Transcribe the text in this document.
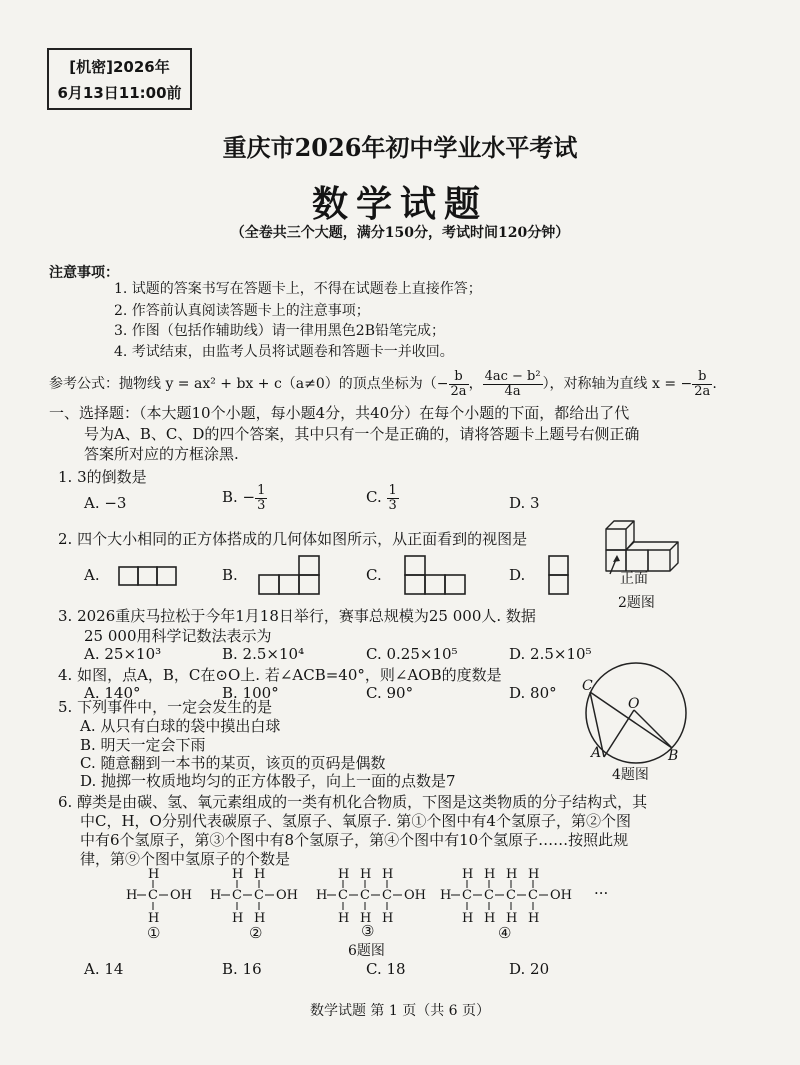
[机密]2026年
6月13日11:00前
重庆市2026年初中学业水平考试
数学试题
（全卷共三个大题，满分150分，考试时间120分钟）
注意事项：
1. 试题的答案书写在答题卡上，不得在试题卷上直接作答；
2. 作答前认真阅读答题卡上的注意事项；
3. 作图（包括作辅助线）请一律用黑色2B铅笔完成；
4. 考试结束，由监考人员将试题卷和答题卡一并收回。
参考公式：抛物线 y = ax² + bx + c（a≠0）的顶点坐标为（− $\frac{b}{2a}$ ， $\frac{\text{4ac − b²}}{4a}$ ），对称轴为直线 x = − $\frac{b}{2a}$ .
一、选择题：（本大题10个小题，每小题4分，共40分）在每个小题的下面，都给出了代
号为A、B、C、D的四个答案，其中只有一个是正确的，请将答题卡上题号右侧正确
答案所对应的方框涂黑.
1. 3的倒数是
A. −3	B. − $\frac{1}{3}$	C. $\frac{1}{3}$	D. 3
2. 四个大小相同的正方体搭成的几何体如图所示，从正面看到的视图是
A.	B.	C.	D.	正面
2题图
3. 2026重庆马拉松于今年1月18日举行，赛事总规模为25 000人. 数据
25 000用科学记数法表示为
A. 25×10³	B. 2.5×10⁴	C. 0.25×10⁵	D. 2.5×10⁵
4. 如图，点A，B，C在⊙O上. 若∠ACB=40°，则∠AOB的度数是
A. 140°	B. 100°	C. 90°	D. 80° C
O
A	B
4题图
5. 下列事件中，一定会发生的是
A. 从只有白球的袋中摸出白球
B. 明天一定会下雨
C. 随意翻到一本书的某页，该页的页码是偶数
D. 抛掷一枚质地均匀的正方体骰子，向上一面的点数是7
6. 醇类是由碳、氢、氧元素组成的一类有机化合物质，下图是这类物质的分子结构式，其
中C，H，O分别代表碳原子、氢原子、氧原子. 第①个图中有4个氢原子，第②个图
中有6个氢原子，第③个图中有8个氢原子，第④个图中有10个氢原子……按照此规
律，第⑨个图中氢原子的个数是
H
H C OH
H
①
H H
H C C OH
H H
②
H H H
H C C C OH
H H H
③
6题图
H H H H
H C C C C OH
H H H H
④
···
A. 14	B. 16	C. 18	D. 20
数学试题 第 1 页（共 6 页）
